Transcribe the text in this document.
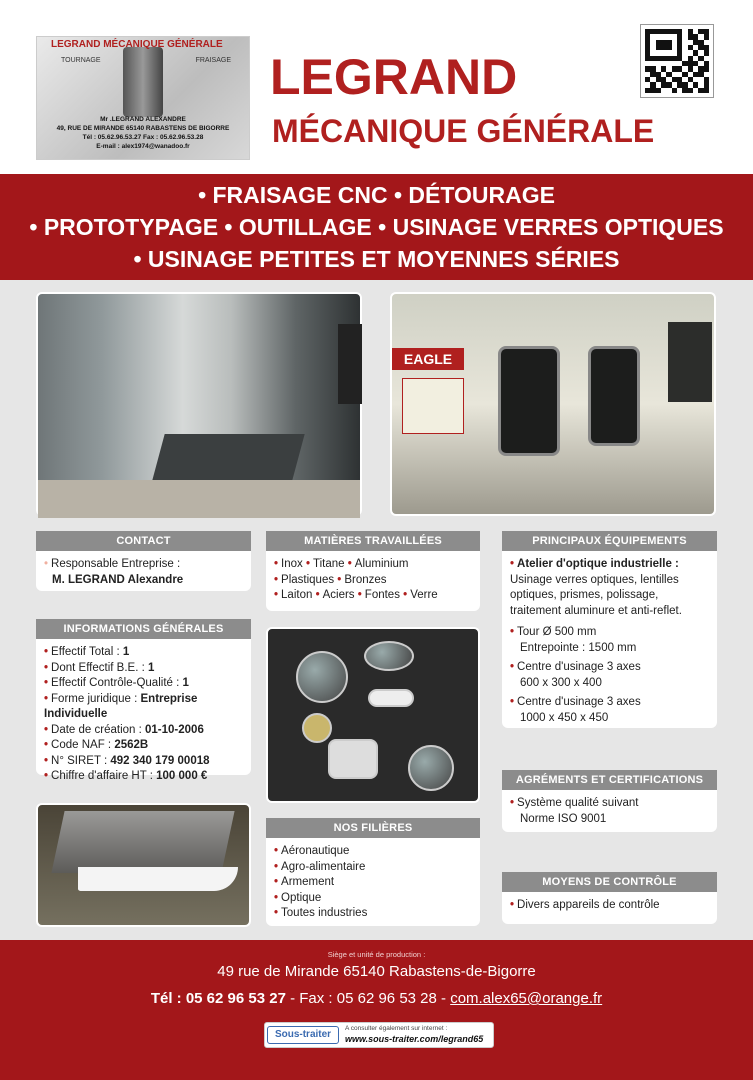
LEGRAND MÉCANIQUE GÉNÉRALE
TOURNAGE	FRAISAGE
Mr .LEGRAND ALEXANDRE
49, RUE DE MIRANDE 65140 RABASTENS DE BIGORRE
Tél : 05.62.96.53.27 Fax : 05.62.96.53.28
E-mail : alex1974@wanadoo.fr
LEGRAND
MÉCANIQUE GÉNÉRALE
• FRAISAGE CNC • DÉTOURAGE
• PROTOTYPAGE • OUTILLAGE • USINAGE VERRES OPTIQUES
• USINAGE PETITES ET MOYENNES SÉRIES
EAGLE
CONTACT
• Responsable Entreprise :
M. LEGRAND Alexandre
INFORMATIONS GÉNÉRALES
• Effectif Total : 1
• Dont Effectif B.E. : 1
• Effectif Contrôle-Qualité : 1
• Forme juridique : Entreprise Individuelle
• Date de création : 01-10-2006
• Code NAF : 2562B
• N° SIRET : 492 340 179 00018
• Chiffre d'affaire HT : 100 000 €
MATIÈRES TRAVAILLÉES
• Inox • Titane • Aluminium
• Plastiques • Bronzes
• Laiton • Aciers • Fontes • Verre
NOS FILIÈRES
• Aéronautique
• Agro-alimentaire
• Armement
• Optique
• Toutes industries
PRINCIPAUX ÉQUIPEMENTS
• Atelier d'optique industrielle :
Usinage verres optiques, lentilles optiques, prismes, polissage, traitement aluminure et anti-reflet.
• Tour Ø 500 mm
Entrepointe : 1500 mm
• Centre d'usinage 3 axes
600 x 300 x 400
• Centre d'usinage 3 axes
1000 x 450 x 450
AGRÉMENTS ET CERTIFICATIONS
• Système qualité suivant
Norme ISO 9001
MOYENS DE CONTRÔLE
• Divers appareils de contrôle
Siège et unité de production :
49 rue de Mirande 65140 Rabastens-de-Bigorre
Tél : 05 62 96 53 27 - Fax : 05 62 96 53 28 - com.alex65@orange.fr
Sous-traiter
A consulter également sur internet :
www.sous-traiter.com/legrand65
